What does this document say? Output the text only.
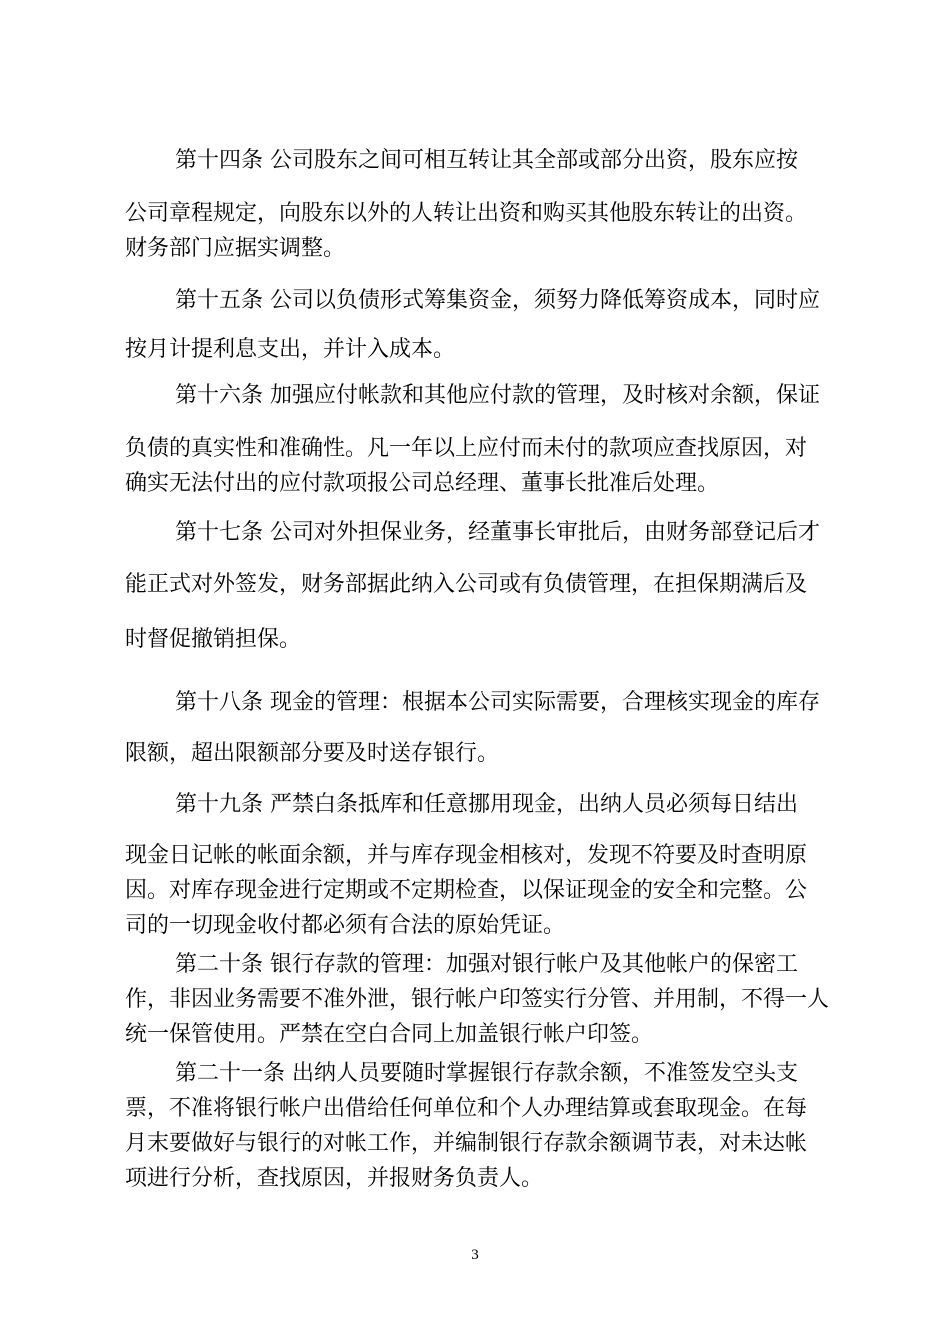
第十四条 公司股东之间可相互转让其全部或部分出资，股东应按
公司章程规定，向股东以外的人转让出资和购买其他股东转让的出资。
财务部门应据实调整。
第十五条 公司以负债形式筹集资金，须努力降低筹资成本，同时应
按月计提利息支出，并计入成本。
第十六条 加强应付帐款和其他应付款的管理，及时核对余额，保证
负债的真实性和准确性。凡一年以上应付而未付的款项应查找原因，对
确实无法付出的应付款项报公司总经理、董事长批准后处理。
第十七条 公司对外担保业务，经董事长审批后，由财务部登记后才
能正式对外签发，财务部据此纳入公司或有负债管理，在担保期满后及
时督促撤销担保。
第十八条 现金的管理：根据本公司实际需要，合理核实现金的库存
限额，超出限额部分要及时送存银行。
第十九条 严禁白条抵库和任意挪用现金，出纳人员必须每日结出
现金日记帐的帐面余额，并与库存现金相核对，发现不符要及时查明原
因。对库存现金进行定期或不定期检查，以保证现金的安全和完整。公
司的一切现金收付都必须有合法的原始凭证。
第二十条 银行存款的管理：加强对银行帐户及其他帐户的保密工
作，非因业务需要不准外泄，银行帐户印签实行分管、并用制，不得一人
统一保管使用。严禁在空白合同上加盖银行帐户印签。
第二十一条 出纳人员要随时掌握银行存款余额，不准签发空头支
票，不准将银行帐户出借给任何单位和个人办理结算或套取现金。在每
月末要做好与银行的对帐工作，并编制银行存款余额调节表，对未达帐
项进行分析，查找原因，并报财务负责人。
3
